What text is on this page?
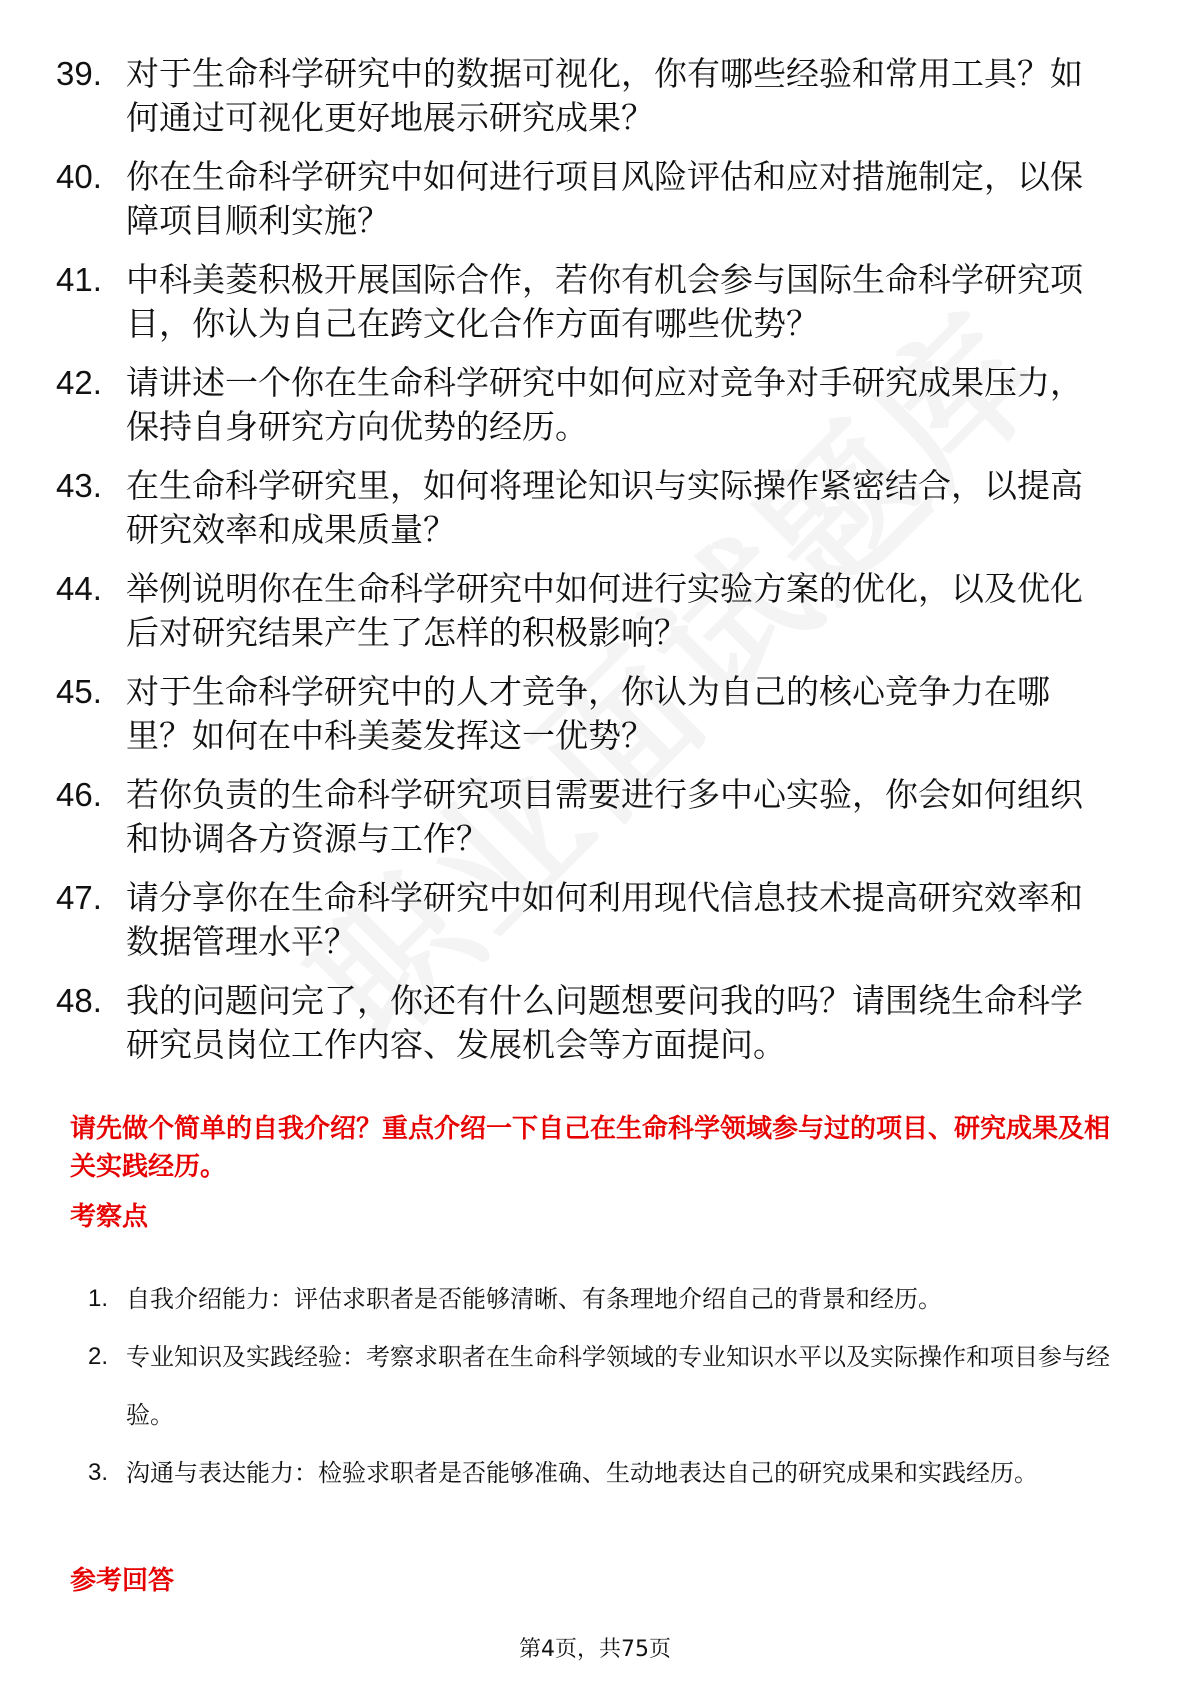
39. 对于生命科学研究中的数据可视化，你有哪些经验和常用工具？如何通过可视化更好地展示研究成果？
40. 你在生命科学研究中如何进行项目风险评估和应对措施制定，以保障项目顺利实施？
41. 中科美菱积极开展国际合作，若你有机会参与国际生命科学研究项目，你认为自己在跨文化合作方面有哪些优势？
42. 请讲述一个你在生命科学研究中如何应对竞争对手研究成果压力，保持自身研究方向优势的经历。
43. 在生命科学研究里，如何将理论知识与实际操作紧密结合，以提高研究效率和成果质量？
44. 举例说明你在生命科学研究中如何进行实验方案的优化，以及优化后对研究结果产生了怎样的积极影响？
45. 对于生命科学研究中的人才竞争，你认为自己的核心竞争力在哪里？如何在中科美菱发挥这一优势？
46. 若你负责的生命科学研究项目需要进行多中心实验，你会如何组织和协调各方资源与工作？
47. 请分享你在生命科学研究中如何利用现代信息技术提高研究效率和数据管理水平？
48. 我的问题问完了，你还有什么问题想要问我的吗？请围绕生命科学研究员岗位工作内容、发展机会等方面提问。
请先做个简单的自我介绍？重点介绍一下自己在生命科学领域参与过的项目、研究成果及相关实践经历。
考察点
1. 自我介绍能力：评估求职者是否能够清晰、有条理地介绍自己的背景和经历。
2. 专业知识及实践经验：考察求职者在生命科学领域的专业知识水平以及实际操作和项目参与经验。
3. 沟通与表达能力：检验求职者是否能够准确、生动地表达自己的研究成果和实践经历。
参考回答
第4页，共75页
